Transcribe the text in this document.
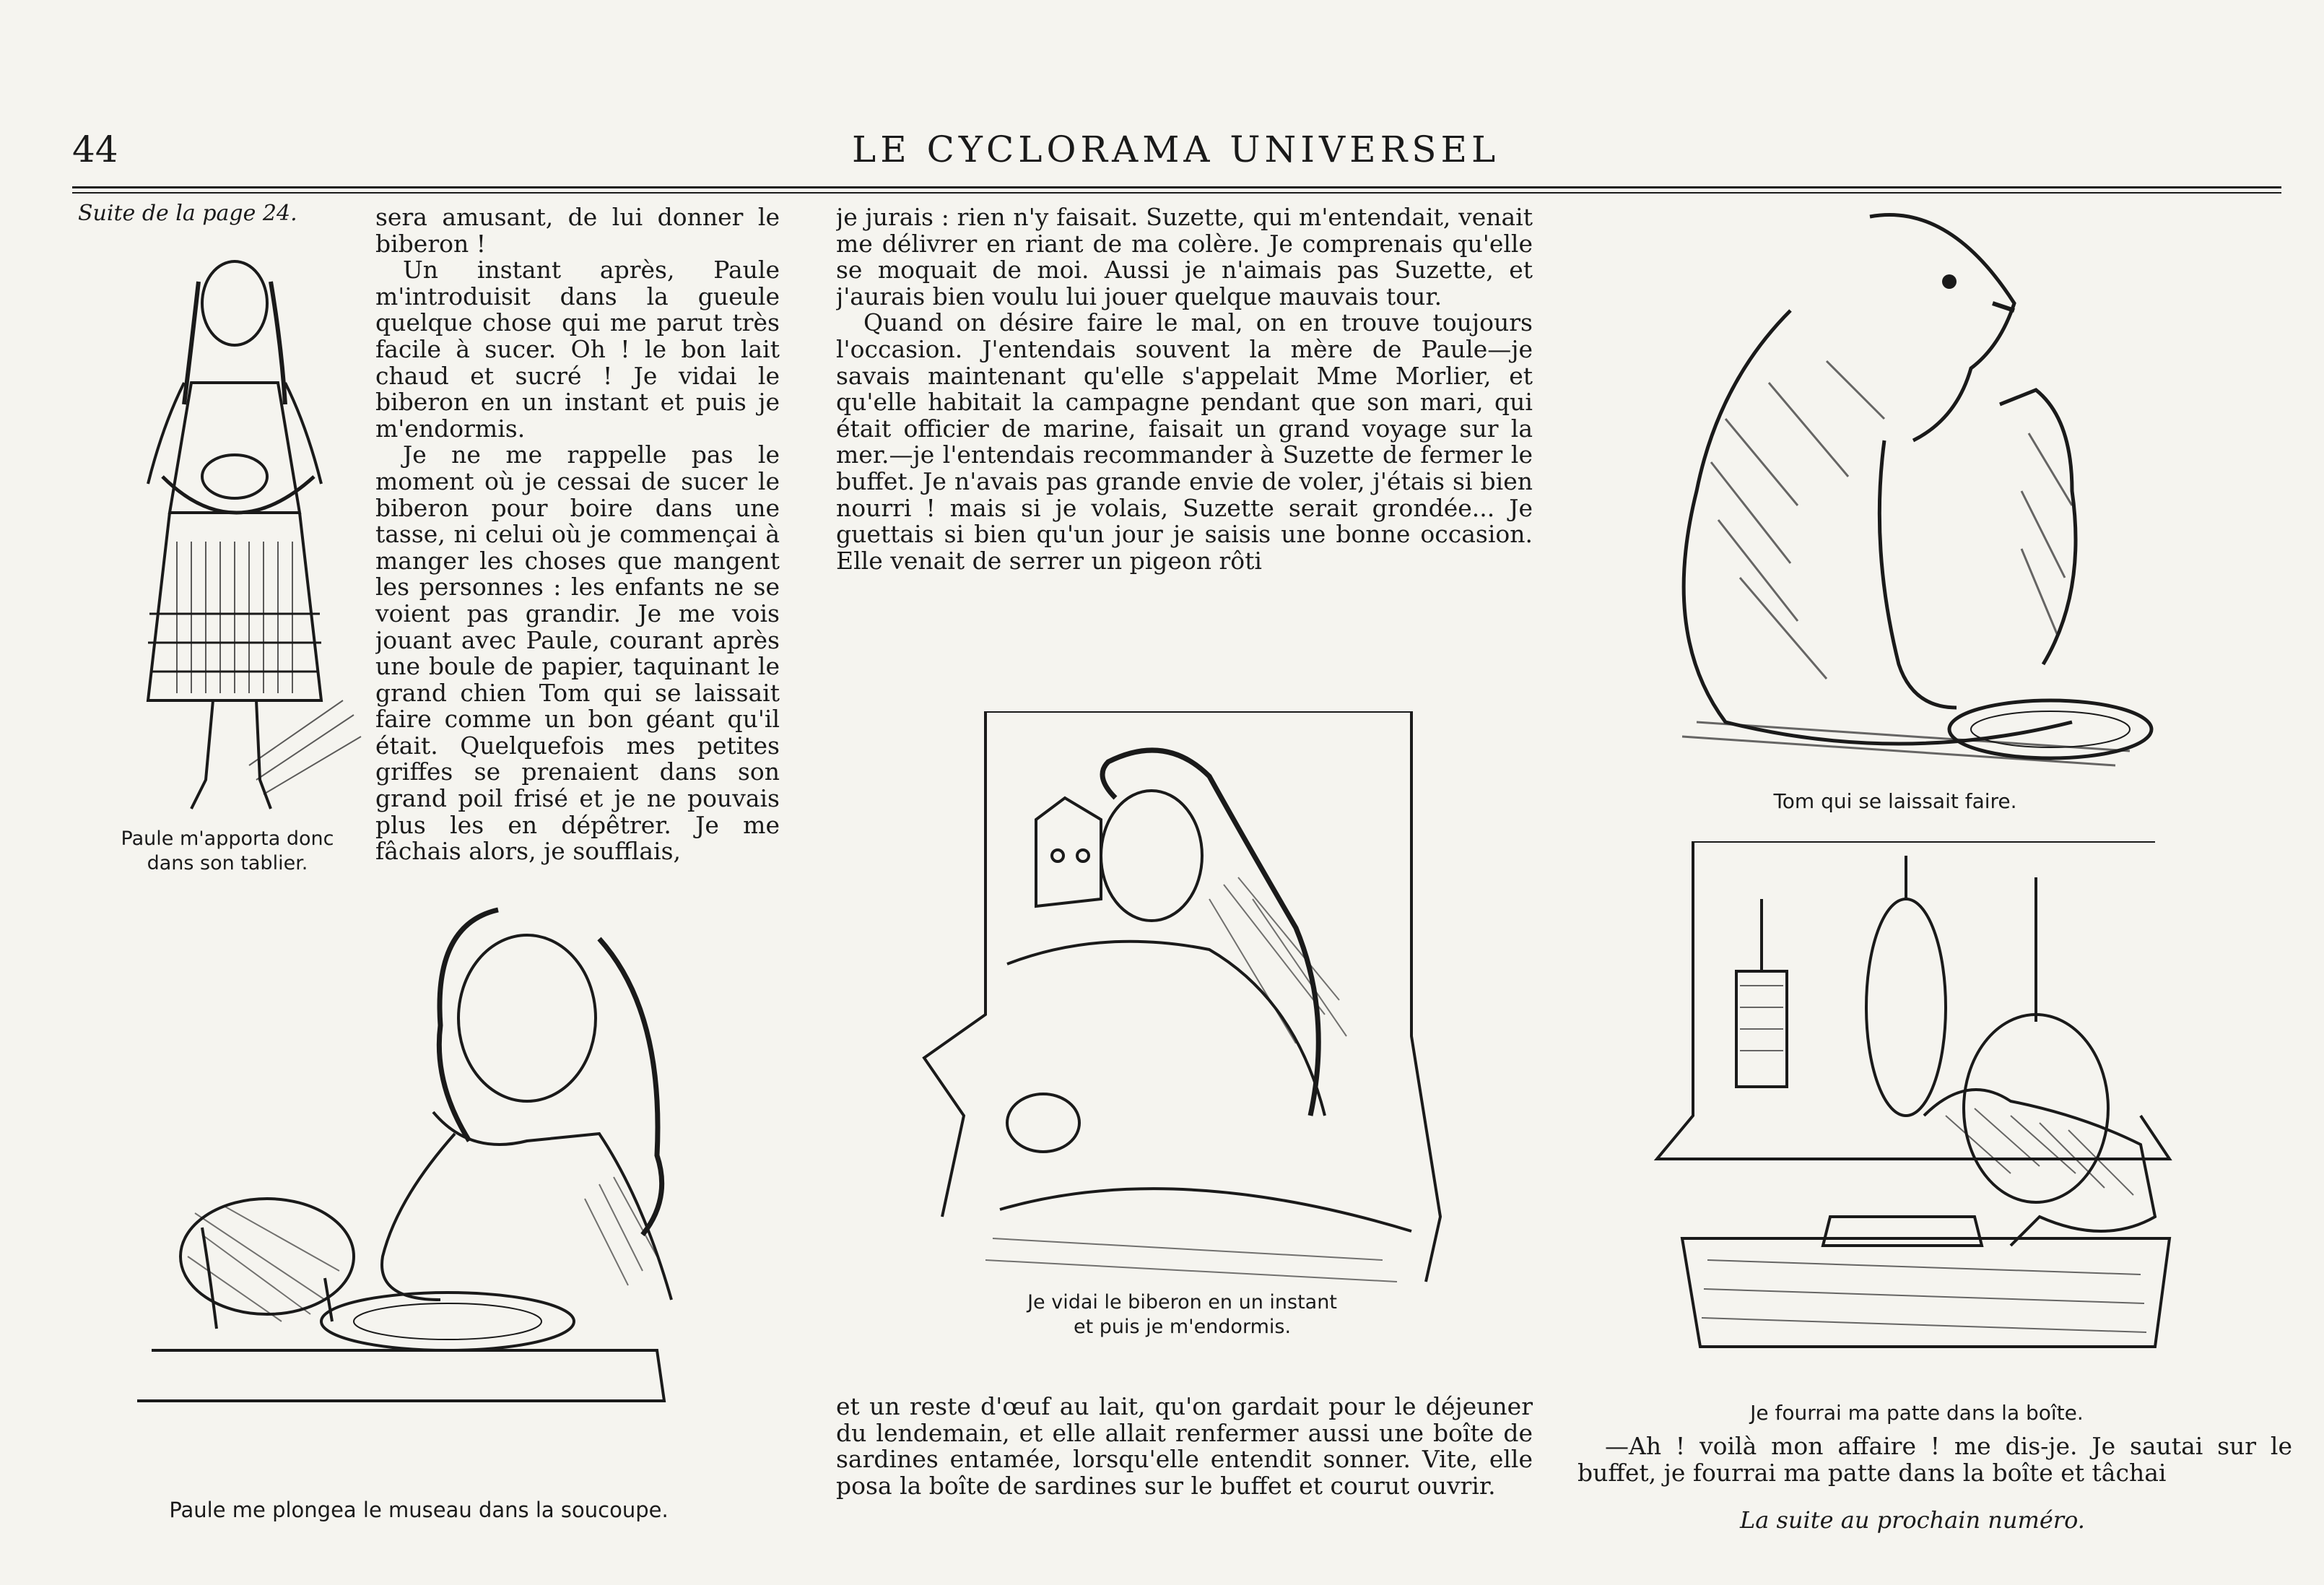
44	LE CYCLORAMA UNIVERSEL
Suite de la page 24.
Paule m'apporta donc
dans son tablier.

sera amusant, de lui donner le biberon !

Un instant après, Paule m'introduisit dans la gueule quelque chose qui me parut très facile à sucer. Oh ! le bon lait chaud et sucré ! Je vidai le biberon en un instant et puis je m'endormis.

Je ne me rappelle pas le moment où je cessai de sucer le biberon pour boire dans une tasse, ni celui où je commençai à manger les choses que mangent les personnes : les enfants ne se voient pas grandir. Je me vois jouant avec Paule, courant après une boule de papier, taquinant le grand chien Tom qui se laissait faire comme un bon géant qu'il était. Quelquefois mes petites griffes se prenaient dans son grand poil frisé et je ne pouvais plus les en dépêtrer. Je me fâchais alors, je soufflais,

Paule me plongea le museau dans la soucoupe.

je jurais : rien n'y faisait. Suzette, qui m'entendait, venait me délivrer en riant de ma colère. Je comprenais qu'elle se moquait de moi. Aussi je n'aimais pas Suzette, et j'aurais bien voulu lui jouer quelque mauvais tour.

Quand on désire faire le mal, on en trouve toujours l'occasion. J'entendais souvent la mère de Paule—je savais maintenant qu'elle s'appelait Mme Morlier, et qu'elle habitait la campagne pendant que son mari, qui était officier de marine, faisait un grand voyage sur la mer.—je l'entendais recommander à Suzette de fermer le buffet. Je n'avais pas grande envie de voler, j'étais si bien nourri ! mais si je volais, Suzette serait grondée... Je guettais si bien qu'un jour je saisis une bonne occasion. Elle venait de serrer un pigeon rôti

Je vidai le biberon en un instant
et puis je m'endormis.

et un reste d'œuf au lait, qu'on gardait pour le déjeuner du lendemain, et elle allait renfermer aussi une boîte de sardines entamée, lorsqu'elle entendit sonner. Vite, elle posa la boîte de sardines sur le buffet et courut ouvrir.

Tom qui se laissait faire.
Je fourrai ma patte dans la boîte.

—Ah ! voilà mon affaire ! me dis-je. Je sautai sur le buffet, je fourrai ma patte dans la boîte et tâchai

La suite au prochain numéro.
